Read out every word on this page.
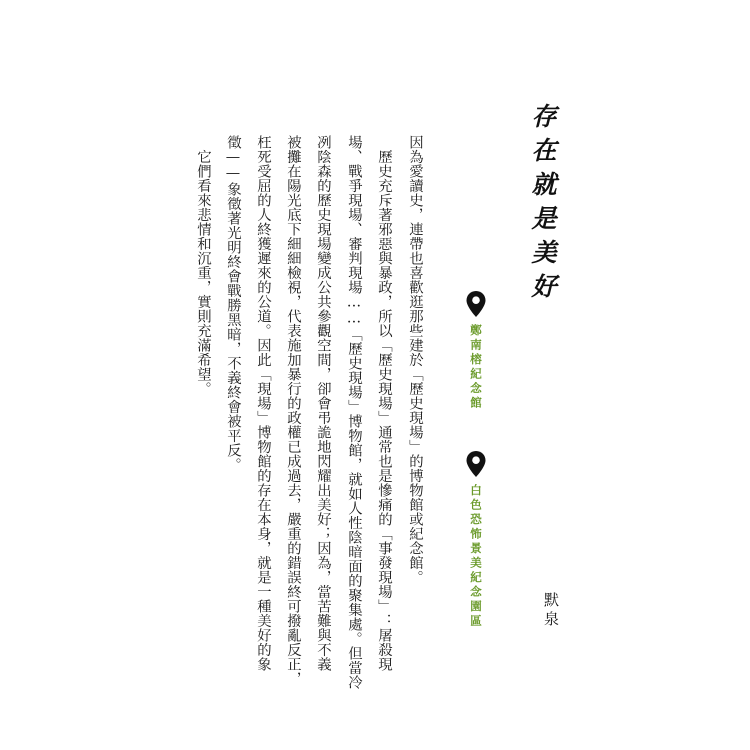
存在就是美好
鄭南榕紀念館
白色恐怖景美紀念園區	默泉
因為愛讀史，連帶也喜歡逛那些建於「歷史現場」的博物館或紀念館。
　歷史充斥著邪惡與暴政，所以「歷史現場」通常也是慘痛的「事發現場」：屠殺現
場、戰爭現場、審判現場……「歷史現場」博物館，就如人性陰暗面的聚集處。但當冷
冽陰森的歷史現場變成公共參觀空間，卻會弔詭地閃耀出美好；因為，當苦難與不義
被攤在陽光底下細細檢視，代表施加暴行的政權已成過去，嚴重的錯誤終可撥亂反正，
枉死受屈的人終獲遲來的公道。因此「現場」博物館的存在本身，就是一種美好的象
徵——象徵著光明終會戰勝黑暗，不義終會被平反。
　它們看來悲情和沉重，實則充滿希望。
